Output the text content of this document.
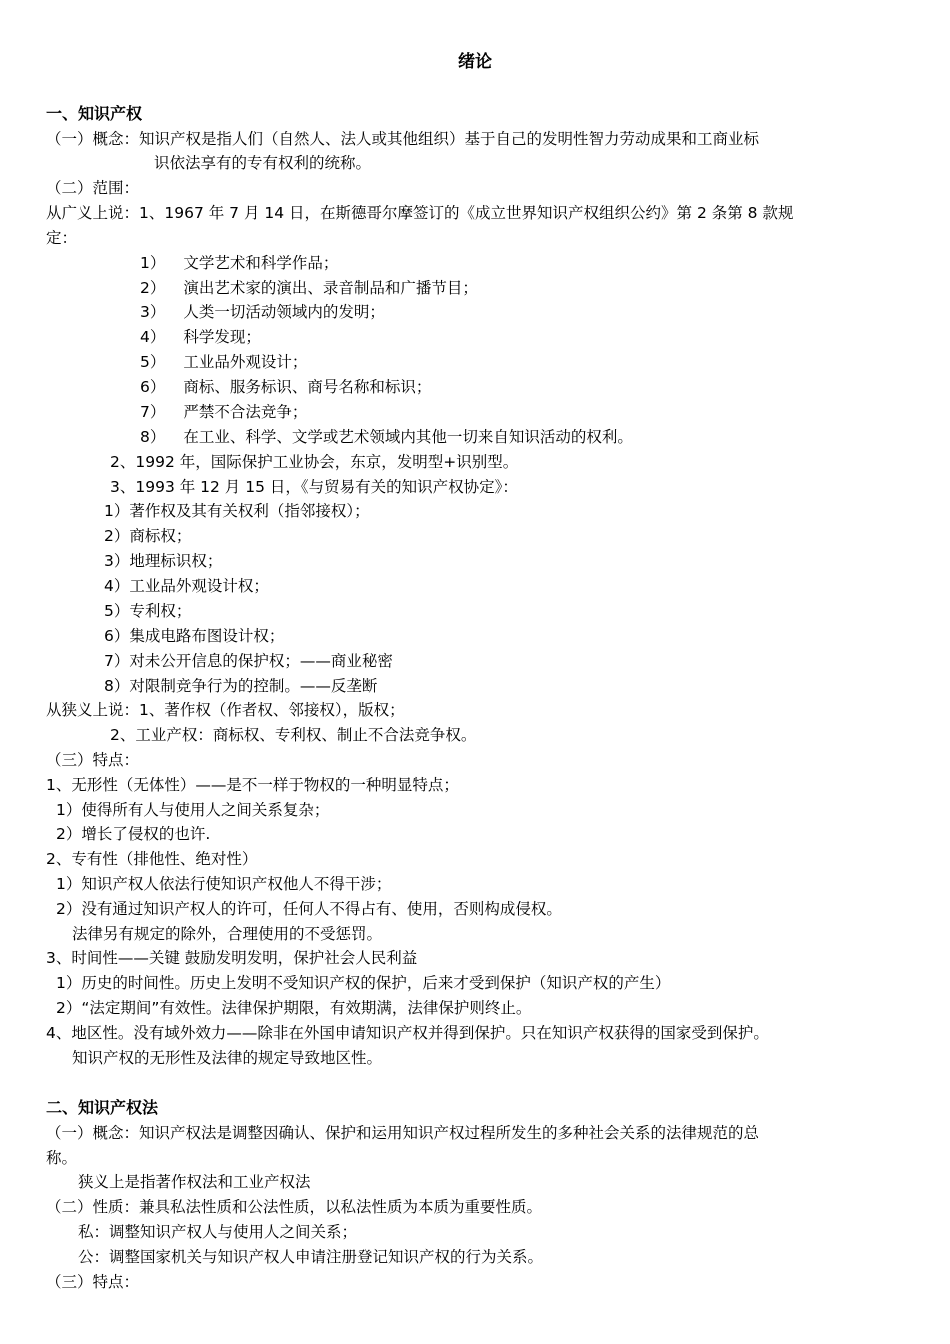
绪论
一、知识产权
（一）概念：知识产权是指人们（自然人、法人或其他组织）基于自己的发明性智力劳动成果和工商业标
识依法享有的专有权利的统称。
（二）范围：
从广义上说：1、1967 年 7 月 14 日，在斯德哥尔摩签订的《成立世界知识产权组织公约》第 2 条第 8 款规
定：
1） 文学艺术和科学作品；
2） 演出艺术家的演出、录音制品和广播节目；
3） 人类一切活动领域内的发明；
4） 科学发现；
5） 工业品外观设计；
6） 商标、服务标识、商号名称和标识；
7） 严禁不合法竞争；
8） 在工业、科学、文学或艺术领域内其他一切来自知识活动的权利。
2、1992 年，国际保护工业协会，东京，发明型+识别型。
3、1993 年 12 月 15 日，《与贸易有关的知识产权协定》：
1）著作权及其有关权利（指邻接权）；
2）商标权；
3）地理标识权；
4）工业品外观设计权；
5）专利权；
6）集成电路布图设计权；
7）对未公开信息的保护权；——商业秘密
8）对限制竞争行为的控制。——反垄断
从狭义上说：1、著作权（作者权、邻接权），版权；
2、工业产权：商标权、专利权、制止不合法竞争权。
（三）特点：
1、无形性（无体性）——是不一样于物权的一种明显特点；
1）使得所有人与使用人之间关系复杂；
2）增长了侵权的也许.
2、专有性（排他性、绝对性）
1）知识产权人依法行使知识产权他人不得干涉；
2）没有通过知识产权人的许可，任何人不得占有、使用，否则构成侵权。
法律另有规定的除外，合理使用的不受惩罚。
3、时间性——关键 鼓励发明发明，保护社会人民利益
1）历史的时间性。历史上发明不受知识产权的保护，后来才受到保护（知识产权的产生）
2）“法定期间”有效性。法律保护期限，有效期满，法律保护则终止。
4、地区性。没有域外效力——除非在外国申请知识产权并得到保护。只在知识产权获得的国家受到保护。
知识产权的无形性及法律的规定导致地区性。
二、知识产权法
（一）概念：知识产权法是调整因确认、保护和运用知识产权过程所发生的多种社会关系的法律规范的总
称。
狭义上是指著作权法和工业产权法
（二）性质：兼具私法性质和公法性质，以私法性质为本质为重要性质。
私：调整知识产权人与使用人之间关系；
公：调整国家机关与知识产权人申请注册登记知识产权的行为关系。
（三）特点：
